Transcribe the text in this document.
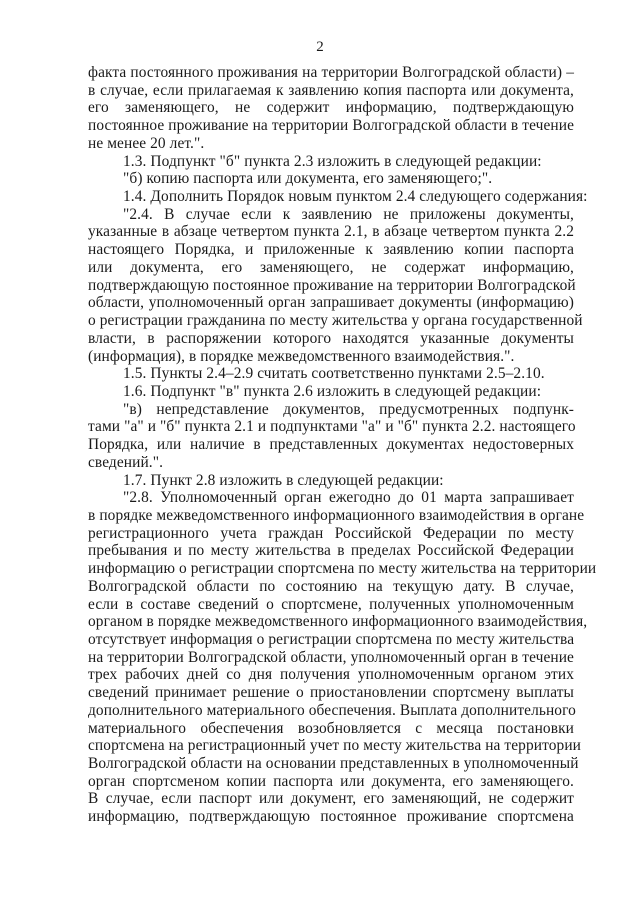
2
факта постоянного проживания на территории Волгоградской области) –
в случае, если прилагаемая к заявлению копия паспорта или документа,
его заменяющего, не содержит информацию, подтверждающую
постоянное проживание на территории Волгоградской области в течение
не менее 20 лет.".
1.3. Подпункт "б" пункта 2.3 изложить в следующей редакции:
"б) копию паспорта или документа, его заменяющего;".
1.4. Дополнить Порядок новым пунктом 2.4 следующего содержания:
"2.4. В случае если к заявлению не приложены документы,
указанные в абзаце четвертом пункта 2.1, в абзаце четвертом пункта 2.2
настоящего Порядка, и приложенные к заявлению копии паспорта
или документа, его заменяющего, не содержат информацию,
подтверждающую постоянное проживание на территории Волгоградской
области, уполномоченный орган запрашивает документы (информацию)
о регистрации гражданина по месту жительства у органа государственной
власти, в распоряжении которого находятся указанные документы
(информация), в порядке межведомственного взаимодействия.".
1.5. Пункты 2.4–2.9 считать соответственно пунктами 2.5–2.10.
1.6. Подпункт "в" пункта 2.6 изложить в следующей редакции:
"в) непредставление документов, предусмотренных подпунк-
тами "а" и "б" пункта 2.1 и подпунктами "а" и "б" пункта 2.2. настоящего
Порядка, или наличие в представленных документах недостоверных
сведений.".
1.7. Пункт 2.8 изложить в следующей редакции:
"2.8. Уполномоченный орган ежегодно до 01 марта запрашивает
в порядке межведомственного информационного взаимодействия в органе
регистрационного учета граждан Российской Федерации по месту
пребывания и по месту жительства в пределах Российской Федерации
информацию о регистрации спортсмена по месту жительства на территории
Волгоградской области по состоянию на текущую дату. В случае,
если в составе сведений о спортсмене, полученных уполномоченным
органом в порядке межведомственного информационного взаимодействия,
отсутствует информация о регистрации спортсмена по месту жительства
на территории Волгоградской области, уполномоченный орган в течение
трех рабочих дней со дня получения уполномоченным органом этих
сведений принимает решение о приостановлении спортсмену выплаты
дополнительного материального обеспечения. Выплата дополнительного
материального обеспечения возобновляется с месяца постановки
спортсмена на регистрационный учет по месту жительства на территории
Волгоградской области на основании представленных в уполномоченный
орган спортсменом копии паспорта или документа, его заменяющего.
В случае, если паспорт или документ, его заменяющий, не содержит
информацию, подтверждающую постоянное проживание спортсмена
